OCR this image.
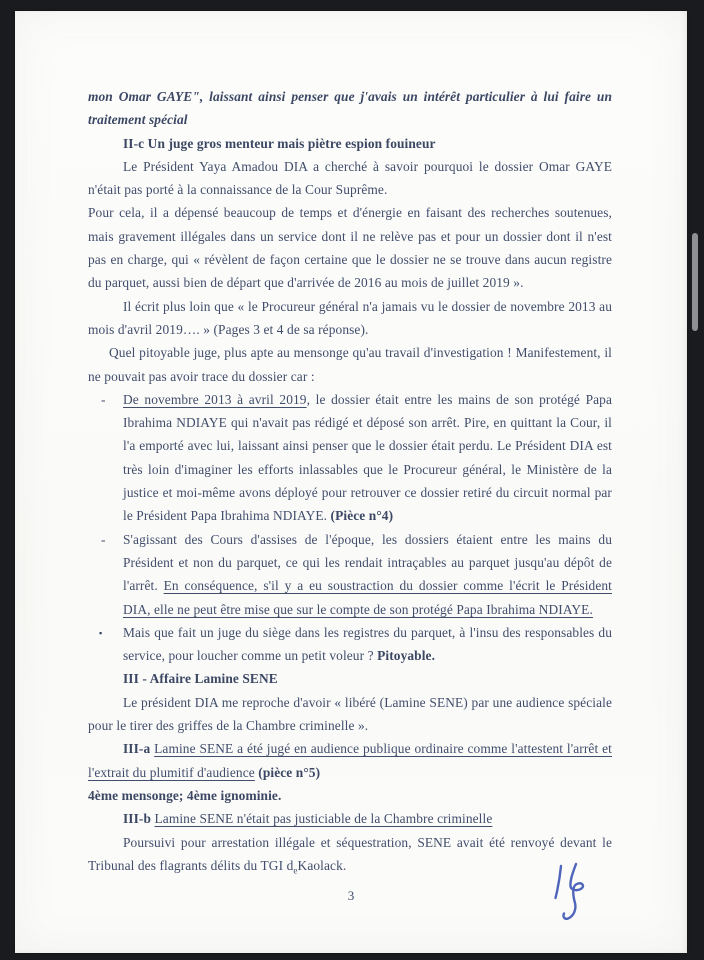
mon Omar GAYE", laissant ainsi penser que j'avais un intérêt particulier à lui faire un traitement spécial

II-c Un juge gros menteur mais piètre espion fouineur

Le Président Yaya Amadou DIA a cherché à savoir pourquoi le dossier Omar GAYE n'était pas porté à la connaissance de la Cour Suprême.

Pour cela, il a dépensé beaucoup de temps et d'énergie en faisant des recherches soutenues, mais gravement illégales dans un service dont il ne relève pas et pour un dossier dont il n'est pas en charge, qui « révèlent de façon certaine que le dossier ne se trouve dans aucun registre du parquet, aussi bien de départ que d'arrivée de 2016 au mois de juillet 2019 ».

Il écrit plus loin que « le Procureur général n'a jamais vu le dossier de novembre 2013 au mois d'avril 2019…. » (Pages 3 et 4 de sa réponse).

Quel pitoyable juge, plus apte au mensonge qu'au travail d'investigation ! Manifestement, il ne pouvait pas avoir trace du dossier car :

- De novembre 2013 à avril 2019, le dossier était entre les mains de son protégé Papa Ibrahima NDIAYE qui n'avait pas rédigé et déposé son arrêt. Pire, en quittant la Cour, il l'a emporté avec lui, laissant ainsi penser que le dossier était perdu. Le Président DIA est très loin d'imaginer les efforts inlassables que le Procureur général, le Ministère de la justice et moi-même avons déployé pour retrouver ce dossier retiré du circuit normal par le Président Papa Ibrahima NDIAYE. (Pièce n°4)

- S'agissant des Cours d'assises de l'époque, les dossiers étaient entre les mains du Président et non du parquet, ce qui les rendait intraçables au parquet jusqu'au dépôt de l'arrêt. En conséquence, s'il y a eu soustraction du dossier comme l'écrit le Président DIA, elle ne peut être mise que sur le compte de son protégé Papa Ibrahima NDIAYE.

▪ Mais que fait un juge du siège dans les registres du parquet, à l'insu des responsables du service, pour loucher comme un petit voleur ? Pitoyable.

III - Affaire Lamine SENE

Le président DIA me reproche d'avoir « libéré (Lamine SENE) par une audience spéciale pour le tirer des griffes de la Chambre criminelle ».

III-a Lamine SENE a été jugé en audience publique ordinaire comme l'attestent l'arrêt et l'extrait du plumitif d'audience (pièce n°5)

4ème mensonge; 4ème ignominie.

III-b Lamine SENE n'était pas justiciable de la Chambre criminelle

Poursuivi pour arrestation illégale et séquestration, SENE avait été renvoyé devant le Tribunal des flagrants délits du TGI $d_eKaolack$.

3
